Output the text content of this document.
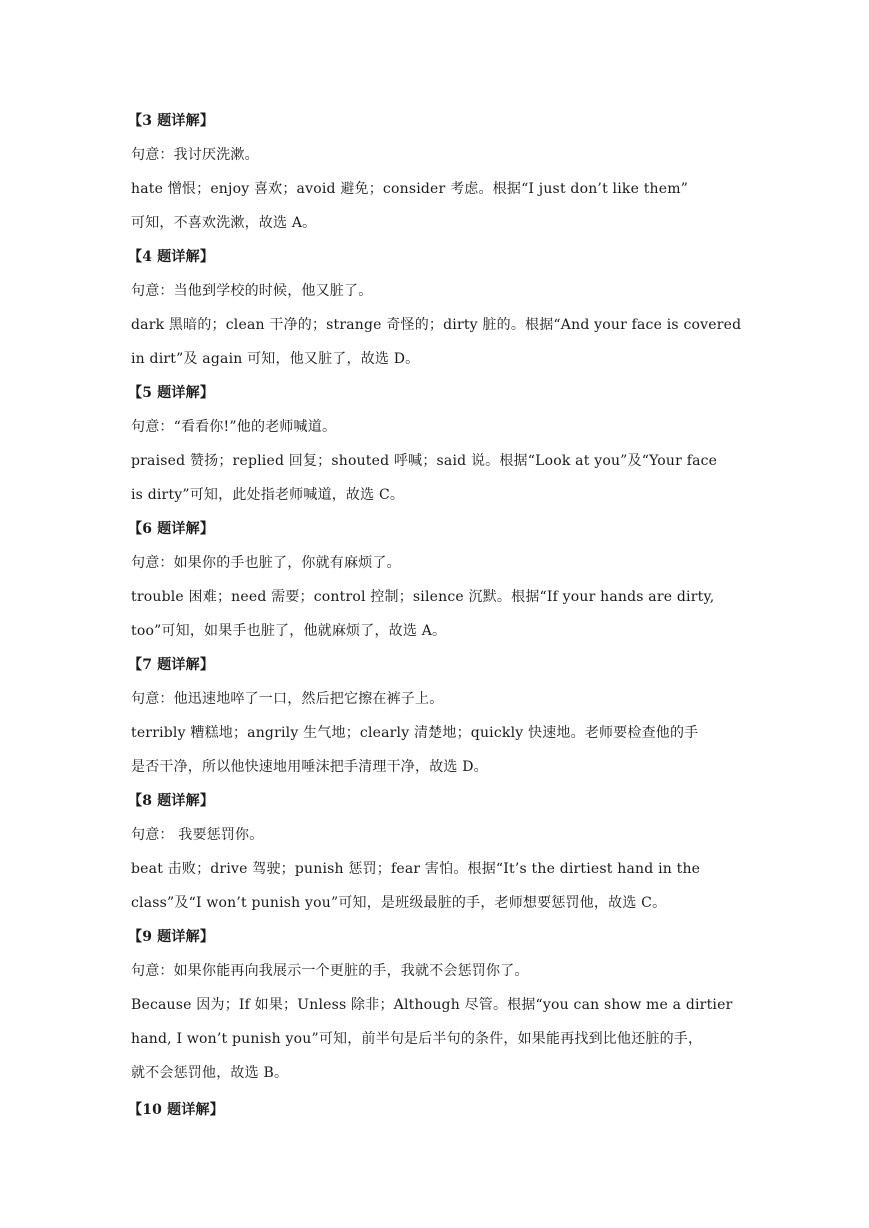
【3 题详解】
句意：我讨厌洗漱。
hate 憎恨；enjoy 喜欢；avoid 避免；consider 考虑。根据“I just don’t like them”
可知，不喜欢洗漱，故选 A。
【4 题详解】
句意：当他到学校的时候，他又脏了。
dark 黑暗的；clean 干净的；strange 奇怪的；dirty 脏的。根据“And your face is covered
in dirt”及 again 可知，他又脏了，故选 D。
【5 题详解】
句意：“看看你!”他的老师喊道。
praised 赞扬；replied 回复；shouted 呼喊；said 说。根据“Look at you”及“Your face
is dirty”可知，此处指老师喊道，故选 C。
【6 题详解】
句意：如果你的手也脏了，你就有麻烦了。
trouble 困难；need 需要；control 控制；silence 沉默。根据“If your hands are dirty,
too”可知，如果手也脏了，他就麻烦了，故选 A。
【7 题详解】
句意：他迅速地啐了一口，然后把它擦在裤子上。
terribly 糟糕地；angrily 生气地；clearly 清楚地；quickly 快速地。老师要检查他的手
是否干净，所以他快速地用唾沫把手清理干净，故选 D。
【8 题详解】
句意： 我要惩罚你。
beat 击败；drive 驾驶；punish 惩罚；fear 害怕。根据“It’s the dirtiest hand in the
class”及“I won’t punish you”可知，是班级最脏的手，老师想要惩罚他，故选 C。
【9 题详解】
句意：如果你能再向我展示一个更脏的手，我就不会惩罚你了。
Because 因为；If 如果；Unless 除非；Although 尽管。根据“you can show me a dirtier
hand, I won’t punish you”可知，前半句是后半句的条件，如果能再找到比他还脏的手，
就不会惩罚他，故选 B。
【10 题详解】
